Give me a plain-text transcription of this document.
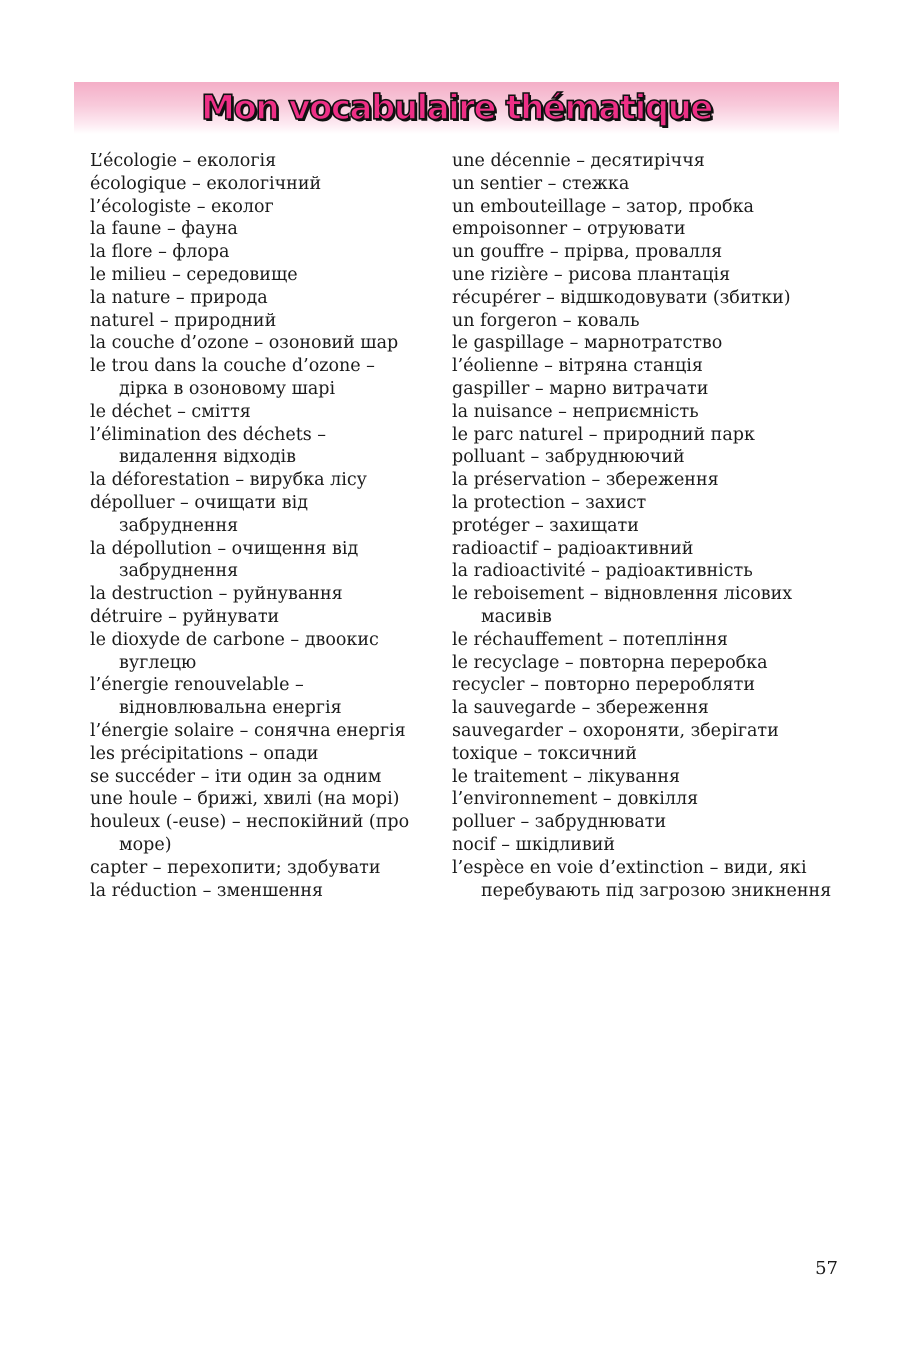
Mon vocabulaire thématique
L’écologie – екологія
écologique – екологічний
l’écologiste – еколог
la faune – фауна
la flore – флора
le milieu – середовище
la nature – природа
naturel – природний
la couche d’ozone – озоновий шар
le trou dans la couche d’ozone –
дірка в озоновому шарі
le déchet – сміття
l’élimination des déchets –
видалення відходів
la déforestation – вирубка лісу
dépolluer – очищати від
забруднення
la dépollution – очищення від
забруднення
la destruction – руйнування
détruire – руйнувати
le dioxyde de carbone – двоокис
вуглецю
l’énergie renouvelable –
відновлювальна енергія
l’énergie solaire – сонячна енергія
les précipitations – опади
se succéder – іти один за одним
une houle – брижі, хвилі (на морі)
houleux (-euse) – неспокійний (про
море)
capter – перехопити; здобувати
la réduction – зменшення
une décennie – десятиріччя
un sentier – стежка
un embouteillage – затор, пробка
empoisonner – отруювати
un gouffre – прірва, провалля
une rizière – рисова плантація
récupérer – відшкодовувати (збитки)
un forgeron – коваль
le gaspillage – марнотратство
l’éolienne – вітряна станція
gaspiller – марно витрачати
la nuisance – неприємність
le parc naturel – природний парк
polluant – забруднюючий
la préservation – збереження
la protection – захист
protéger – захищати
radioactif – радіоактивний
la radioactivité – радіоактивність
le reboisement – відновлення лісових
масивів
le réchauffement – потепління
le recyclage – повторна переробка
recycler – повторно переробляти
la sauvegarde – збереження
sauvegarder – охороняти, зберігати
toxique – токсичний
le traitement – лікування
l’environnement – довкілля
polluer – забруднювати
nocif – шкідливий
l’espèce en voie d’extinction – види, які
перебувають під загрозою зникнення
57
